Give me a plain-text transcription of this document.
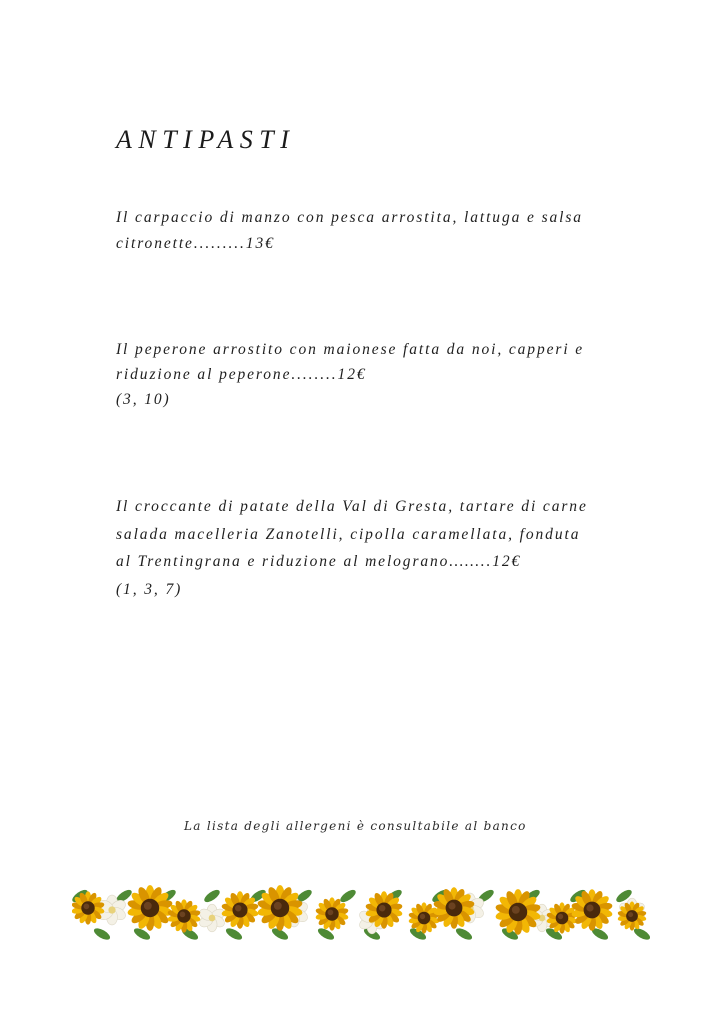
ANTIPASTI

Il carpaccio di manzo con pesca arrostita, lattuga e salsa citronette.........13€

Il peperone arrostito con maionese fatta da noi, capperi e riduzione al peperone........12€
(3, 10)

Il croccante di patate della Val di Gresta, tartare di carne salada macelleria Zanotelli, cipolla caramellata, fonduta al Trentingrana e riduzione al melograno……..12€
(1, 3, 7)

La lista degli allergeni è consultabile al banco
